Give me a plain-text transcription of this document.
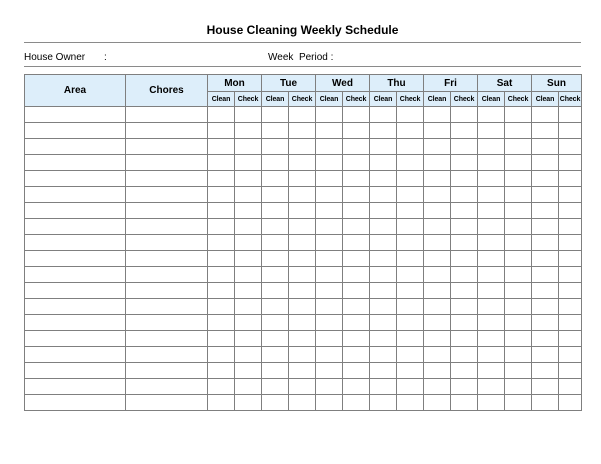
House Cleaning Weekly Schedule
House Owner :	Week  Period :
Area	Chores	Mon		Tue		Wed		Thu		Fri		Sat		Sun	
		Clean	Check	Clean	Check	Clean	Check	Clean	Check	Clean	Check	Clean	Check	Clean	Check
